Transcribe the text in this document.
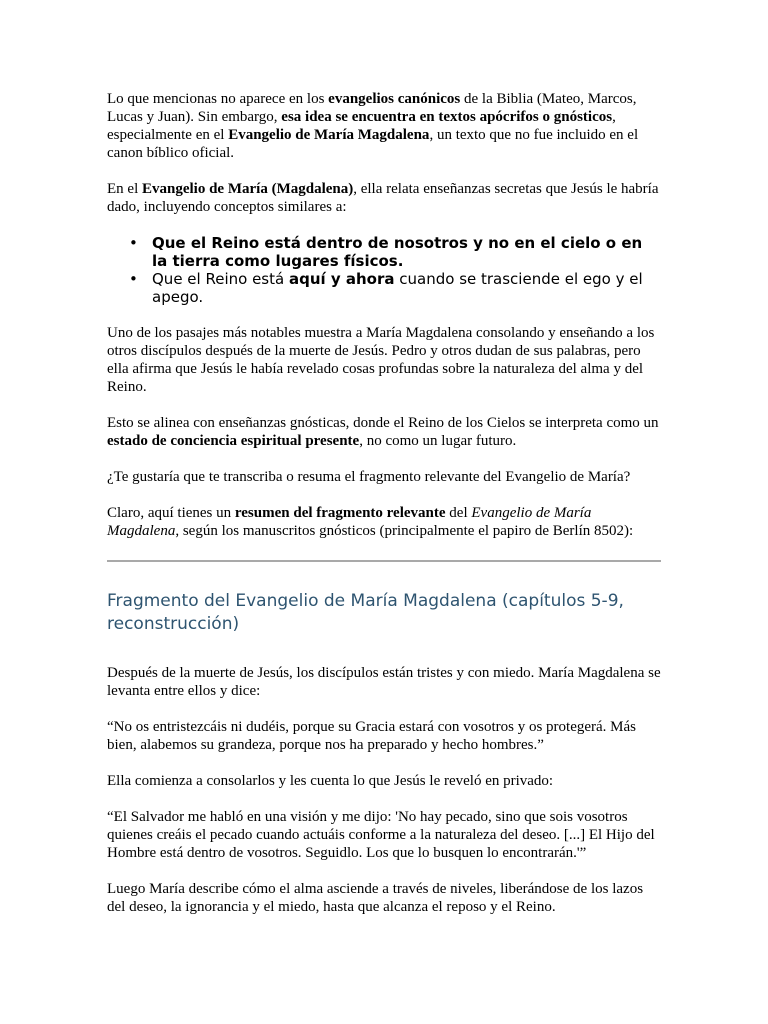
Lo que mencionas no aparece en los evangelios canónicos de la Biblia (Mateo, Marcos, Lucas y Juan). Sin embargo, esa idea se encuentra en textos apócrifos o gnósticos, especialmente en el Evangelio de María Magdalena, un texto que no fue incluido en el canon bíblico oficial.

En el Evangelio de María (Magdalena), ella relata enseñanzas secretas que Jesús le habría dado, incluyendo conceptos similares a:

• Que el Reino está dentro de nosotros y no en el cielo o en la tierra como lugares físicos.
• Que el Reino está aquí y ahora cuando se trasciende el ego y el apego.

Uno de los pasajes más notables muestra a María Magdalena consolando y enseñando a los otros discípulos después de la muerte de Jesús. Pedro y otros dudan de sus palabras, pero ella afirma que Jesús le había revelado cosas profundas sobre la naturaleza del alma y del Reino.

Esto se alinea con enseñanzas gnósticas, donde el Reino de los Cielos se interpreta como un estado de conciencia espiritual presente, no como un lugar futuro.

¿Te gustaría que te transcriba o resuma el fragmento relevante del Evangelio de María?

Claro, aquí tienes un resumen del fragmento relevante del Evangelio de María Magdalena, según los manuscritos gnósticos (principalmente el papiro de Berlín 8502):

Fragmento del Evangelio de María Magdalena (capítulos 5-9, reconstrucción)

Después de la muerte de Jesús, los discípulos están tristes y con miedo. María Magdalena se levanta entre ellos y dice:

“No os entristezcáis ni dudéis, porque su Gracia estará con vosotros y os protegerá. Más bien, alabemos su grandeza, porque nos ha preparado y hecho hombres.”

Ella comienza a consolarlos y les cuenta lo que Jesús le reveló en privado:

“El Salvador me habló en una visión y me dijo: 'No hay pecado, sino que sois vosotros quienes creáis el pecado cuando actuáis conforme a la naturaleza del deseo. [...] El Hijo del Hombre está dentro de vosotros. Seguidlo. Los que lo busquen lo encontrarán.'”

Luego María describe cómo el alma asciende a través de niveles, liberándose de los lazos del deseo, la ignorancia y el miedo, hasta que alcanza el reposo y el Reino.
